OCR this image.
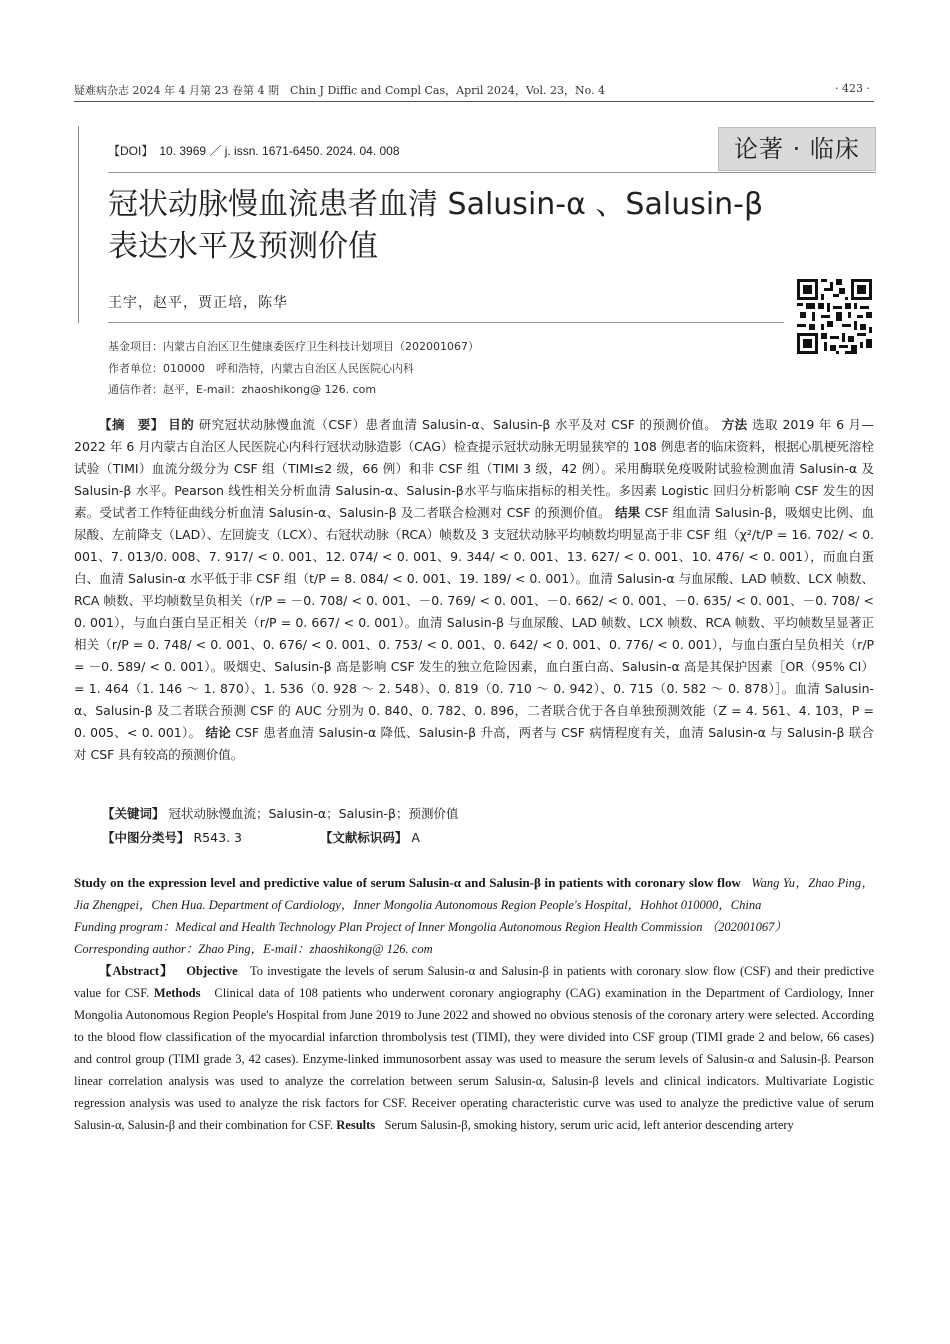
疑难病杂志 2024 年 4 月第 23 卷第 4 期　Chin J Diffic and Compl Cas，April 2024，Vol. 23，No. 4	· 423 ·
【DOI】　10. 3969 ／ j. issn. 1671-6450. 2024. 04. 008	论著 · 临床
冠状动脉慢血流患者血清 Salusin-α 、Salusin-β
表达水平及预测价值
王宇，赵平，贾正培，陈华
基金项目：内蒙古自治区卫生健康委医疗卫生科技计划项目（202001067）
作者单位：010000　呼和浩特，内蒙古自治区人民医院心内科
通信作者：赵平，E-mail：zhaoshikong@ 126. com

【摘　要】 目的 研究冠状动脉慢血流（CSF）患者血清 Salusin-α、Salusin-β 水平及对 CSF 的预测价值。 方法 选取 2019 年 6 月—2022 年 6 月内蒙古自治区人民医院心内科行冠状动脉造影（CAG）检查提示冠状动脉无明显狭窄的 108 例患者的临床资料，根据心肌梗死溶栓试验（TIMI）血流分级分为 CSF 组（TIMI≤2 级，66 例）和非 CSF 组（TIMI 3 级，42 例）。采用酶联免疫吸附试验检测血清 Salusin-α 及 Salusin-β 水平。Pearson 线性相关分析血清 Salusin-α、Salusin-β水平与临床指标的相关性。多因素 Logistic 回归分析影响 CSF 发生的因素。受试者工作特征曲线分析血清 Salusin-α、Salusin-β 及二者联合检测对 CSF 的预测价值。 结果 CSF 组血清 Salusin-β，吸烟史比例、血尿酸、左前降支（LAD）、左回旋支（LCX）、右冠状动脉（RCA）帧数及 3 支冠状动脉平均帧数均明显高于非 CSF 组（χ²/t/P = 16. 702/ < 0. 001、7. 013/0. 008、7. 917/ < 0. 001、12. 074/ < 0. 001、9. 344/ < 0. 001、13. 627/ < 0. 001、10. 476/ < 0. 001），而血白蛋白、血清 Salusin-α 水平低于非 CSF 组（t/P = 8. 084/ < 0. 001、19. 189/ < 0. 001）。血清 Salusin-α 与血尿酸、LAD 帧数、LCX 帧数、RCA 帧数、平均帧数呈负相关（r/P = －0. 708/ < 0. 001、－0. 769/ < 0. 001、－0. 662/ < 0. 001、－0. 635/ < 0. 001、－0. 708/ < 0. 001），与血白蛋白呈正相关（r/P = 0. 667/ < 0. 001）。血清 Salusin-β 与血尿酸、LAD 帧数、LCX 帧数、RCA 帧数、平均帧数呈显著正相关（r/P = 0. 748/ < 0. 001、0. 676/ < 0. 001、0. 753/ < 0. 001、0. 642/ < 0. 001、0. 776/ < 0. 001），与血白蛋白呈负相关（r/P = －0. 589/ < 0. 001）。吸烟史、Salusin-β 高是影响 CSF 发生的独立危险因素，血白蛋白高、Salusin-α 高是其保护因素［OR（95% CI） = 1. 464（1. 146 ～ 1. 870）、1. 536（0. 928 ～ 2. 548）、0. 819（0. 710 ～ 0. 942）、0. 715（0. 582 ～ 0. 878）］。血清 Salusin-α、Salusin-β 及二者联合预测 CSF 的 AUC 分别为 0. 840、0. 782、0. 896，二者联合优于各自单独预测效能（Z = 4. 561、4. 103，P = 0. 005、< 0. 001）。 结论 CSF 患者血清 Salusin-α 降低、Salusin-β 升高，两者与 CSF 病情程度有关，血清 Salusin-α 与 Salusin-β 联合对 CSF 具有较高的预测价值。

【关键词】 冠状动脉慢血流；Salusin-α；Salusin-β；预测价值
【中图分类号】 R543. 3	【文献标识码】 A

Study on the expression level and predictive value of serum Salusin-α and Salusin-β in patients with coronary slow flow Wang Yu，Zhao Ping，Jia Zhengpei，Chen Hua. Department of Cardiology，Inner Mongolia Autonomous Region People's Hospital，Hohhot 010000，China

Funding program：Medical and Health Technology Plan Project of Inner Mongolia Autonomous Region Health Commission （202001067）

Corresponding author：Zhao Ping，E-mail：zhaoshikong@ 126. com

【Abstract】 Objective To investigate the levels of serum Salusin-α and Salusin-β in patients with coronary slow flow (CSF) and their predictive value for CSF. Methods Clinical data of 108 patients who underwent coronary angiography (CAG) examination in the Department of Cardiology, Inner Mongolia Autonomous Region People's Hospital from June 2019 to June 2022 and showed no obvious stenosis of the coronary artery were selected. According to the blood flow classification of the myocardial infarction thrombolysis test (TIMI), they were divided into CSF group (TIMI grade 2 and below, 66 cases) and control group (TIMI grade 3, 42 cases). Enzyme-linked immunosorbent assay was used to measure the serum levels of Salusin-α and Salusin-β. Pearson linear correlation analysis was used to analyze the correlation between serum Salusin-α, Salusin-β levels and clinical indicators. Multivariate Logistic regression analysis was used to analyze the risk factors for CSF. Receiver operating characteristic curve was used to analyze the predictive value of serum Salusin-α, Salusin-β and their combination for CSF. Results Serum Salusin-β, smoking history, serum uric acid, left anterior descending artery
